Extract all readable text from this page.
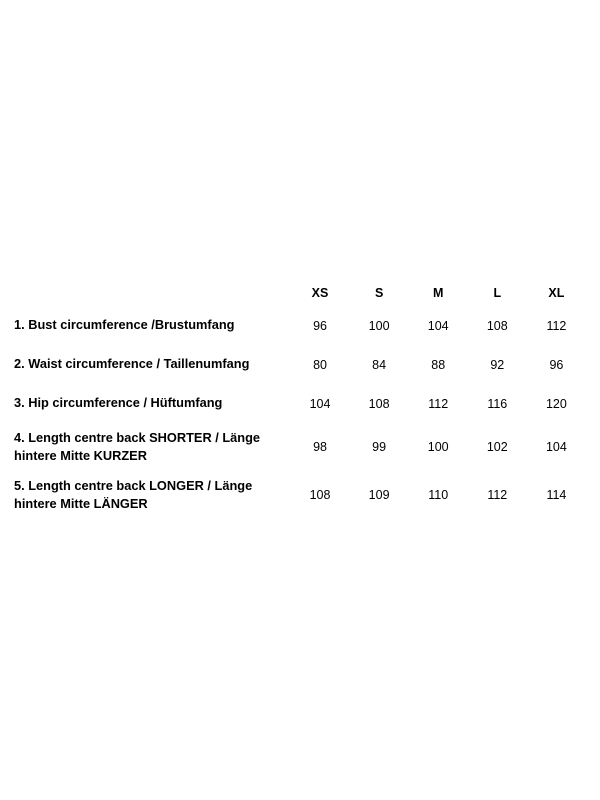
	XS	S	M	L	XL
1. Bust circumference /Brustumfang	96	100	104	108	112
2. Waist circumference / Taillenumfang	80	84	88	92	96
3. Hip circumference / Hüftumfang	104	108	112	116	120
4. Length centre back SHORTER / Länge hintere Mitte KURZER	98	99	100	102	104
5. Length centre back LONGER / Länge hintere Mitte LÄNGER	108	109	110	112	114
